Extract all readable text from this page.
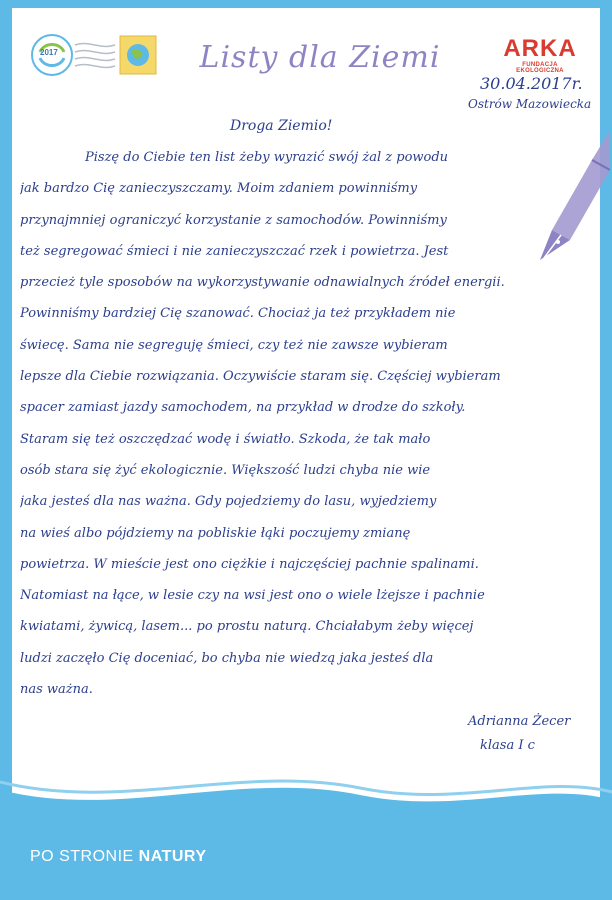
2017	Listy dla Ziemi	ARKA
FUNDACJA EKOLOGICZNA
30.04.2017r.
Ostrów Mazowiecka
Droga Ziemio!
Piszę do Ciebie ten list żeby wyrazić swój żal z powodu
jak bardzo Cię zanieczyszczamy. Moim zdaniem powinniśmy
przynajmniej ograniczyć korzystanie z samochodów. Powinniśmy
też segregować śmieci i nie zanieczyszczać rzek i powietrza. Jest
przecież tyle sposobów na wykorzystywanie odnawialnych źródeł energii.
Powinniśmy bardziej Cię szanować. Chociaż ja też przykładem nie
świecę. Sama nie segreguję śmieci, czy też nie zawsze wybieram
lepsze dla Ciebie rozwiązania. Oczywiście staram się. Częściej wybieram
spacer zamiast jazdy samochodem, na przykład w drodze do szkoły.
Staram się też oszczędzać wodę i światło. Szkoda, że tak mało
osób stara się żyć ekologicznie. Większość ludzi chyba nie wie
jaka jesteś dla nas ważna. Gdy pojedziemy do lasu, wyjedziemy
na wieś albo pójdziemy na pobliskie łąki poczujemy zmianę
powietrza. W mieście jest ono ciężkie i najczęściej pachnie spalinami.
Natomiast na łące, w lesie czy na wsi jest ono o wiele lżejsze i pachnie
kwiatami, żywicą, lasem... po prostu naturą. Chciałabym żeby więcej
ludzi zaczęło Cię doceniać, bo chyba nie wiedzą jaka jesteś dla
nas ważna.
Adrianna Żecer
klasa I c
PO STRONIE NATURY
